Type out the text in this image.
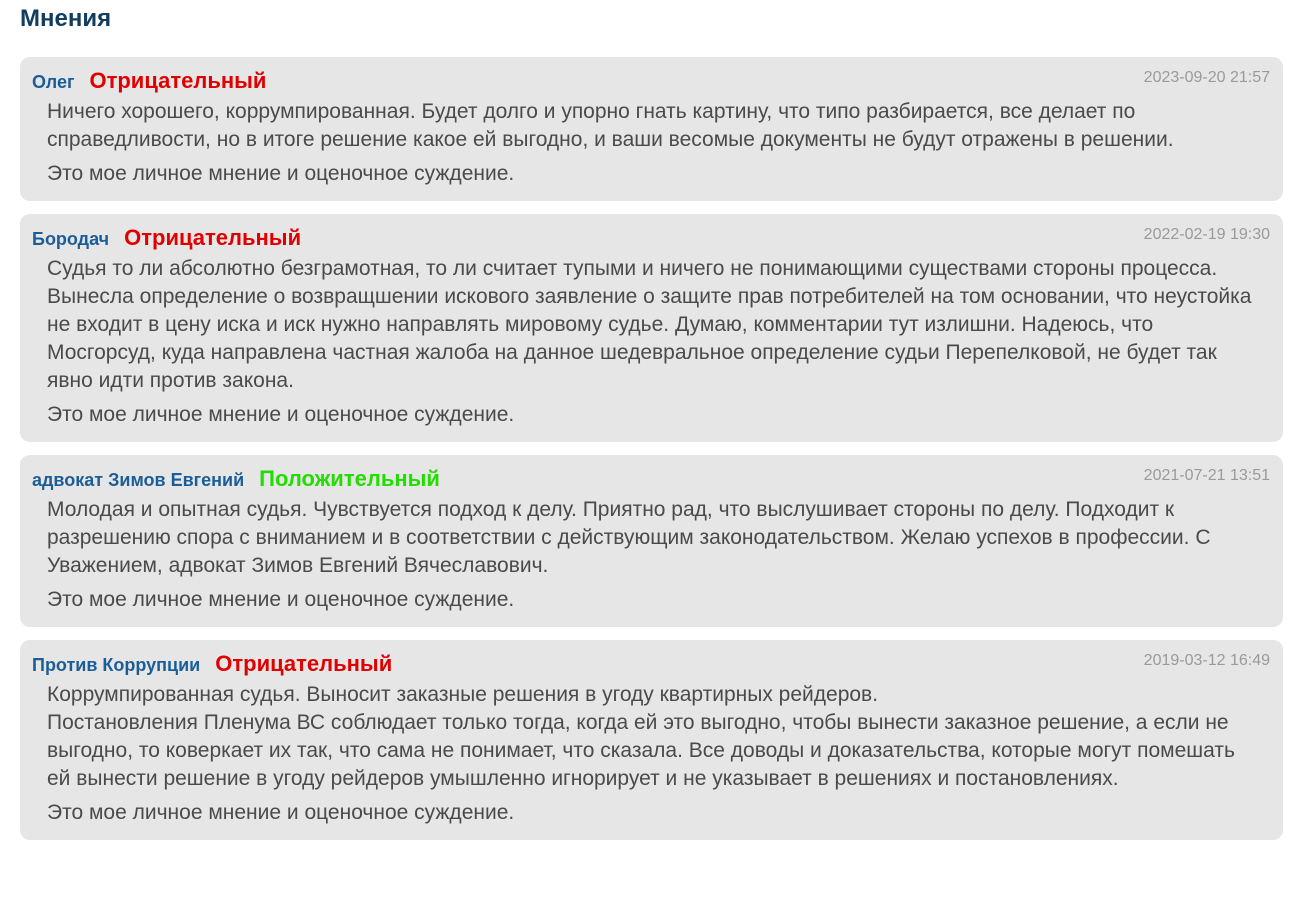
Мнения
Олег Отрицательный	2023-09-20 21:57

Ничего хорошего, коррумпированная. Будет долго и упорно гнать картину, что типо разбирается, все делает по справедливости, но в итоге решение какое ей выгодно, и ваши весомые документы не будут отражены в решении.

Это мое личное мнение и оценочное суждение.

Бородач Отрицательный	2022-02-19 19:30

Судья то ли абсолютно безграмотная, то ли считает тупыми и ничего не понимающими существами стороны процесса. Вынесла определение о возвращшении искового заявление о защите прав потребителей на том основании, что неустойка не входит в цену иска и иск нужно направлять мировому судье. Думаю, комментарии тут излишни. Надеюсь, что Мосгорсуд, куда направлена частная жалоба на данное шедевральное определение судьи Перепелковой, не будет так явно идти против закона.

Это мое личное мнение и оценочное суждение.

адвокат Зимов Евгений Положительный	2021-07-21 13:51

Молодая и опытная судья. Чувствуется подход к делу. Приятно рад, что выслушивает стороны по делу. Подходит к разрешению спора с вниманием и в соответствии с действующим законодательством. Желаю успехов в профессии. С Уважением, адвокат Зимов Евгений Вячеславович.

Это мое личное мнение и оценочное суждение.

Против Коррупции Отрицательный	2019-03-12 16:49

Коррумпированная судья. Выносит заказные решения в угоду квартирных рейдеров.
Постановления Пленума ВС соблюдает только тогда, когда ей это выгодно, чтобы вынести заказное решение, а если не выгодно, то коверкает их так, что сама не понимает, что сказала. Все доводы и доказательства, которые могут помешать ей вынести решение в угоду рейдеров умышленно игнорирует и не указывает в решениях и постановлениях.

Это мое личное мнение и оценочное суждение.
